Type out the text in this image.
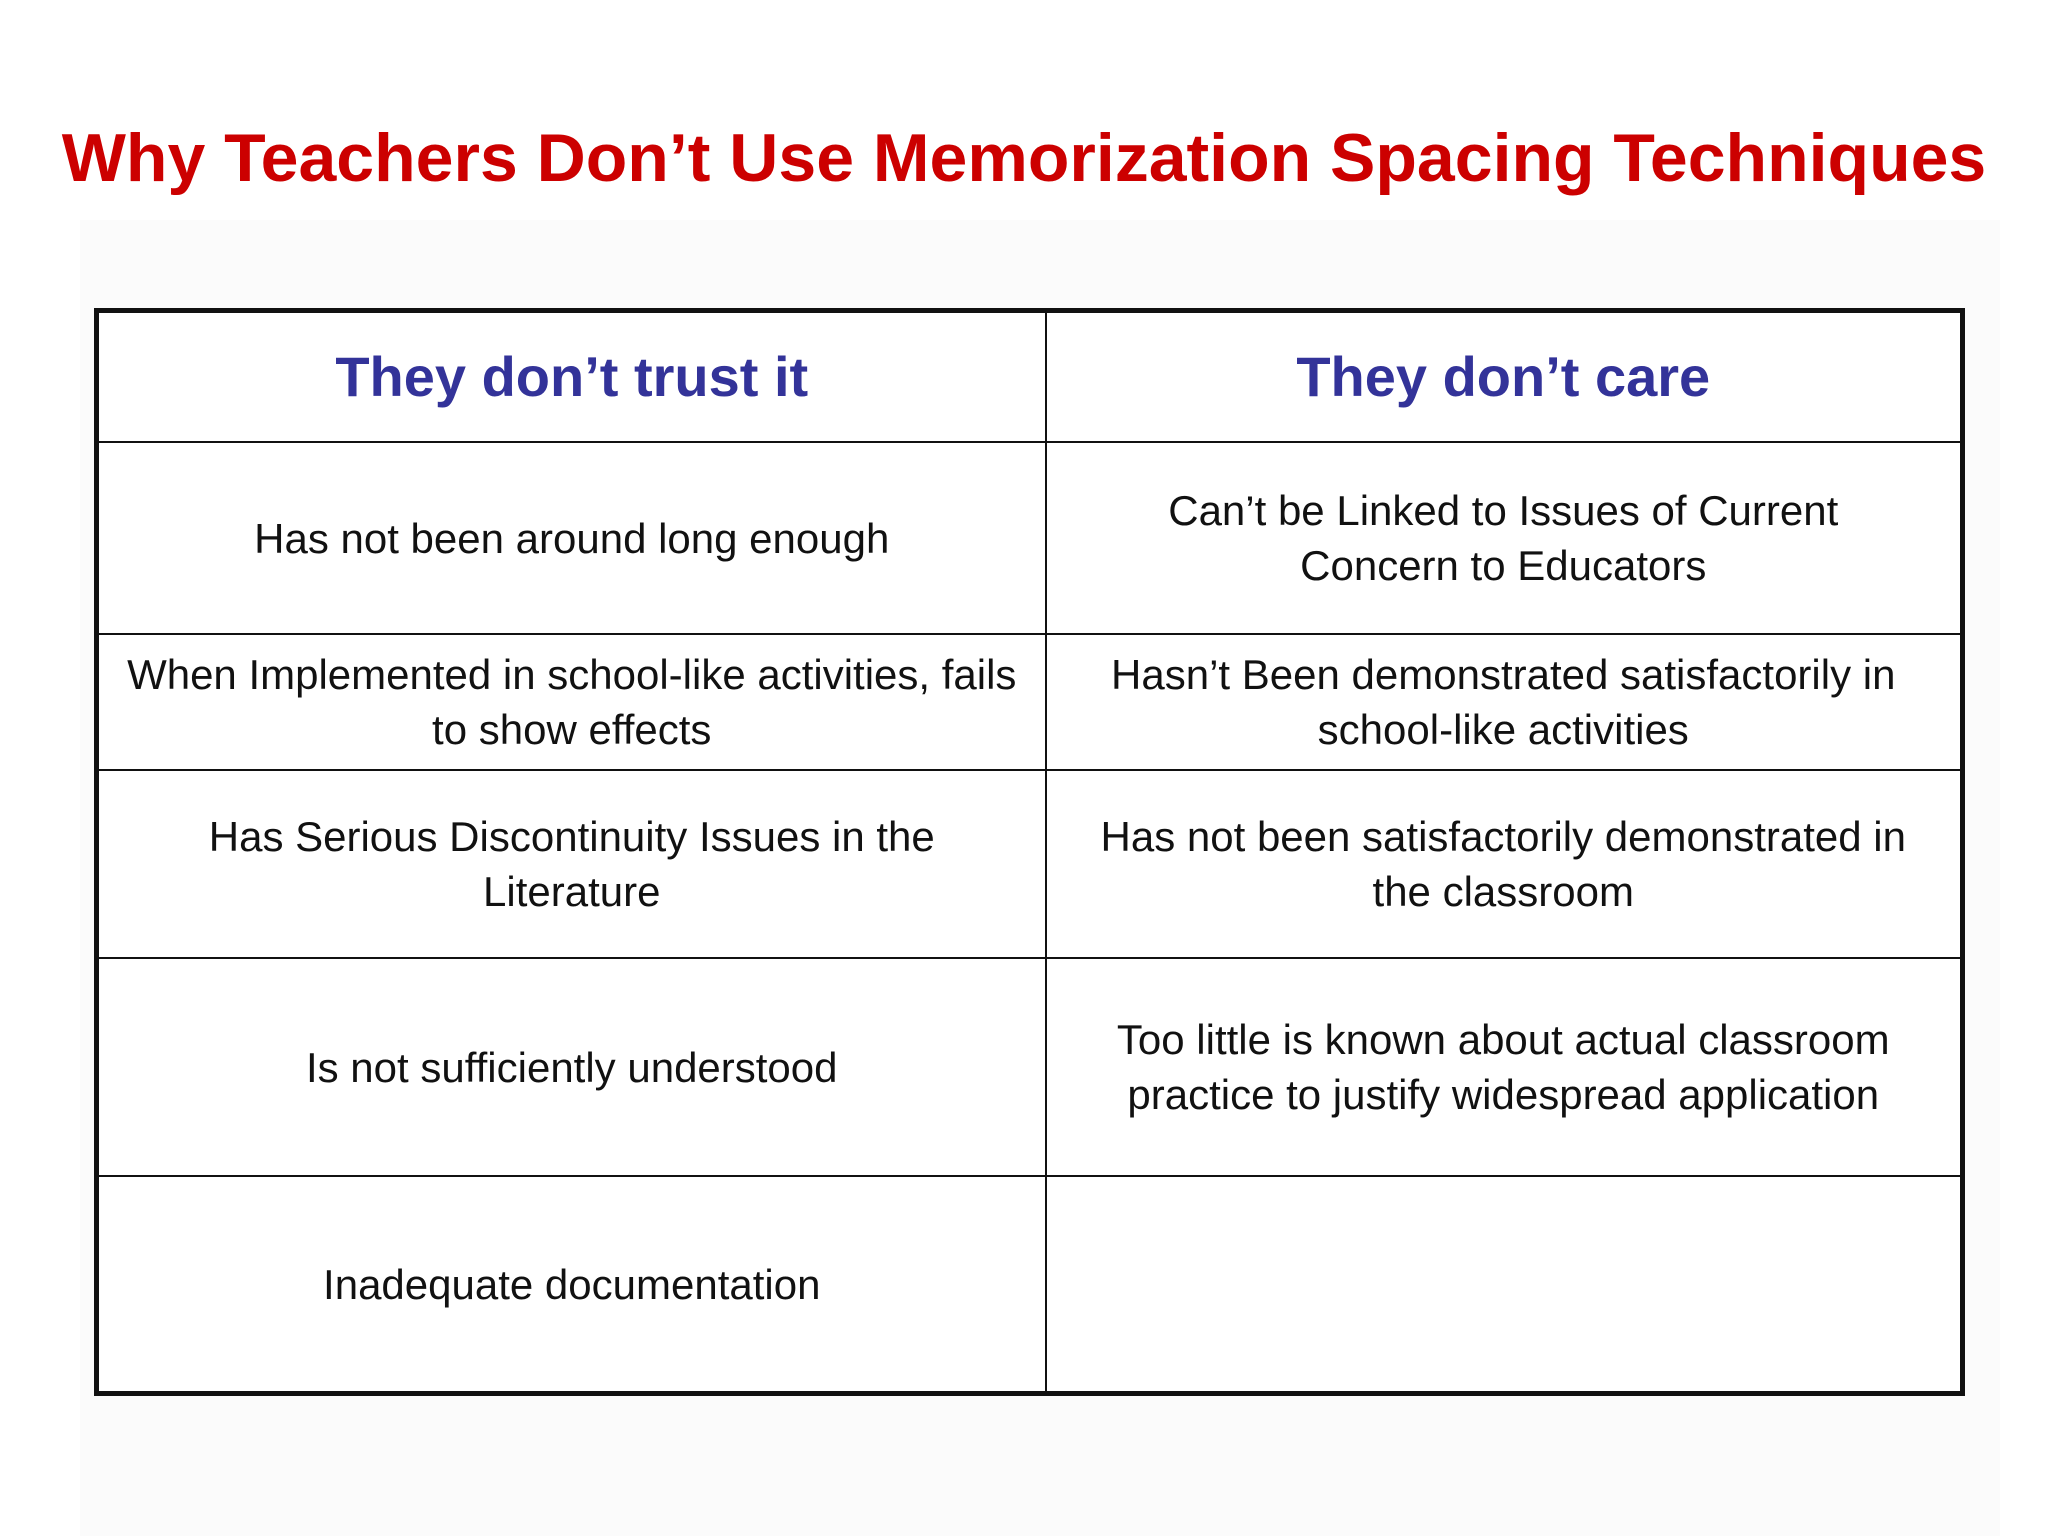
Why Teachers Don’t Use Memorization Spacing Techniques
They don’t trust it	They don’t care
Has not been around long enough	Can’t be Linked to Issues of Current Concern to Educators
When Implemented in school-like activities, fails to show effects	Hasn’t Been demonstrated satisfactorily in school-like activities
Has Serious Discontinuity Issues in the Literature	Has not been satisfactorily demonstrated in the classroom
Is not sufficiently understood	Too little is known about actual classroom practice to justify widespread application
Inadequate documentation	
